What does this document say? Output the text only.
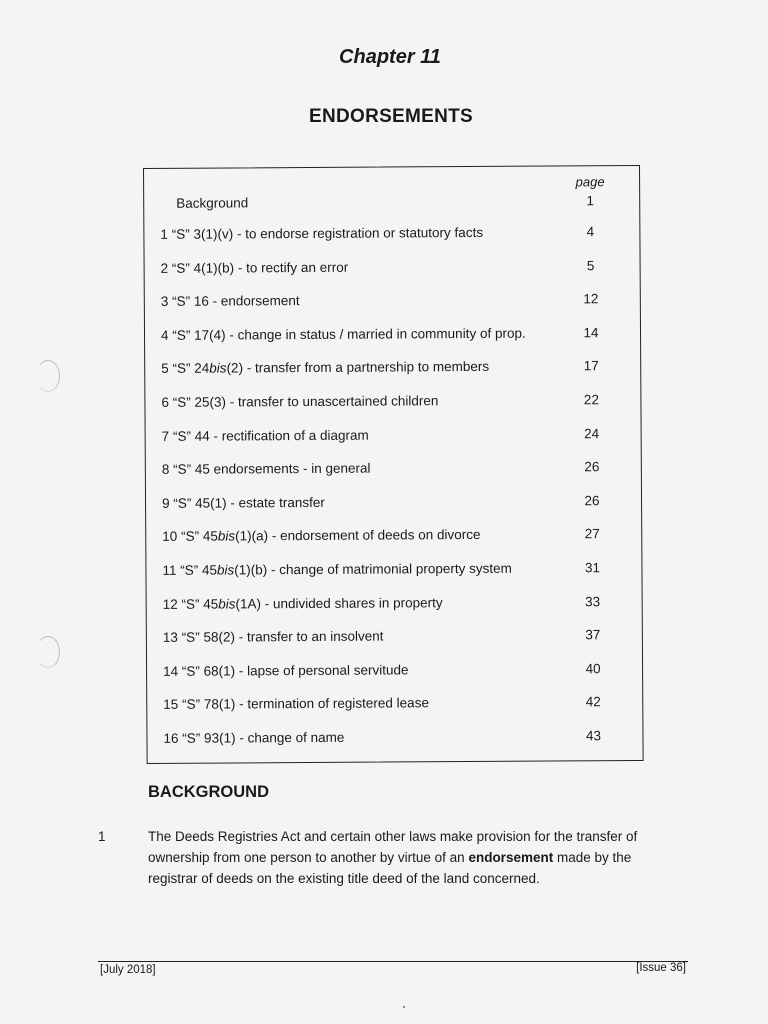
Chapter 11
ENDORSEMENTS
page
Background	1
1 “S” 3(1)(v) - to endorse registration or statutory facts	4
2 “S” 4(1)(b) - to rectify an error	5
3 “S” 16 - endorsement	12
4 “S” 17(4) - change in status / married in community of prop.	14
5 “S” 24bis(2) - transfer from a partnership to members	17
6 “S” 25(3) - transfer to unascertained children	22
7 “S” 44 - rectification of a diagram	24
8 “S” 45 endorsements - in general	26
9 “S” 45(1) - estate transfer	26
10 “S” 45bis(1)(a) - endorsement of deeds on divorce	27
11 “S” 45bis(1)(b) - change of matrimonial property system	31
12 “S” 45bis(1A) - undivided shares in property	33
13 “S” 58(2) - transfer to an insolvent	37
14 “S” 68(1) - lapse of personal servitude	40
15 “S” 78(1) - termination of registered lease	42
16 “S” 93(1) - change of name	43
BACKGROUND
1	The Deeds Registries Act and certain other laws make provision for the transfer of ownership from one person to another by virtue of an endorsement made by the registrar of deeds on the existing title deed of the land concerned.
[July 2018]	[Issue 36]
